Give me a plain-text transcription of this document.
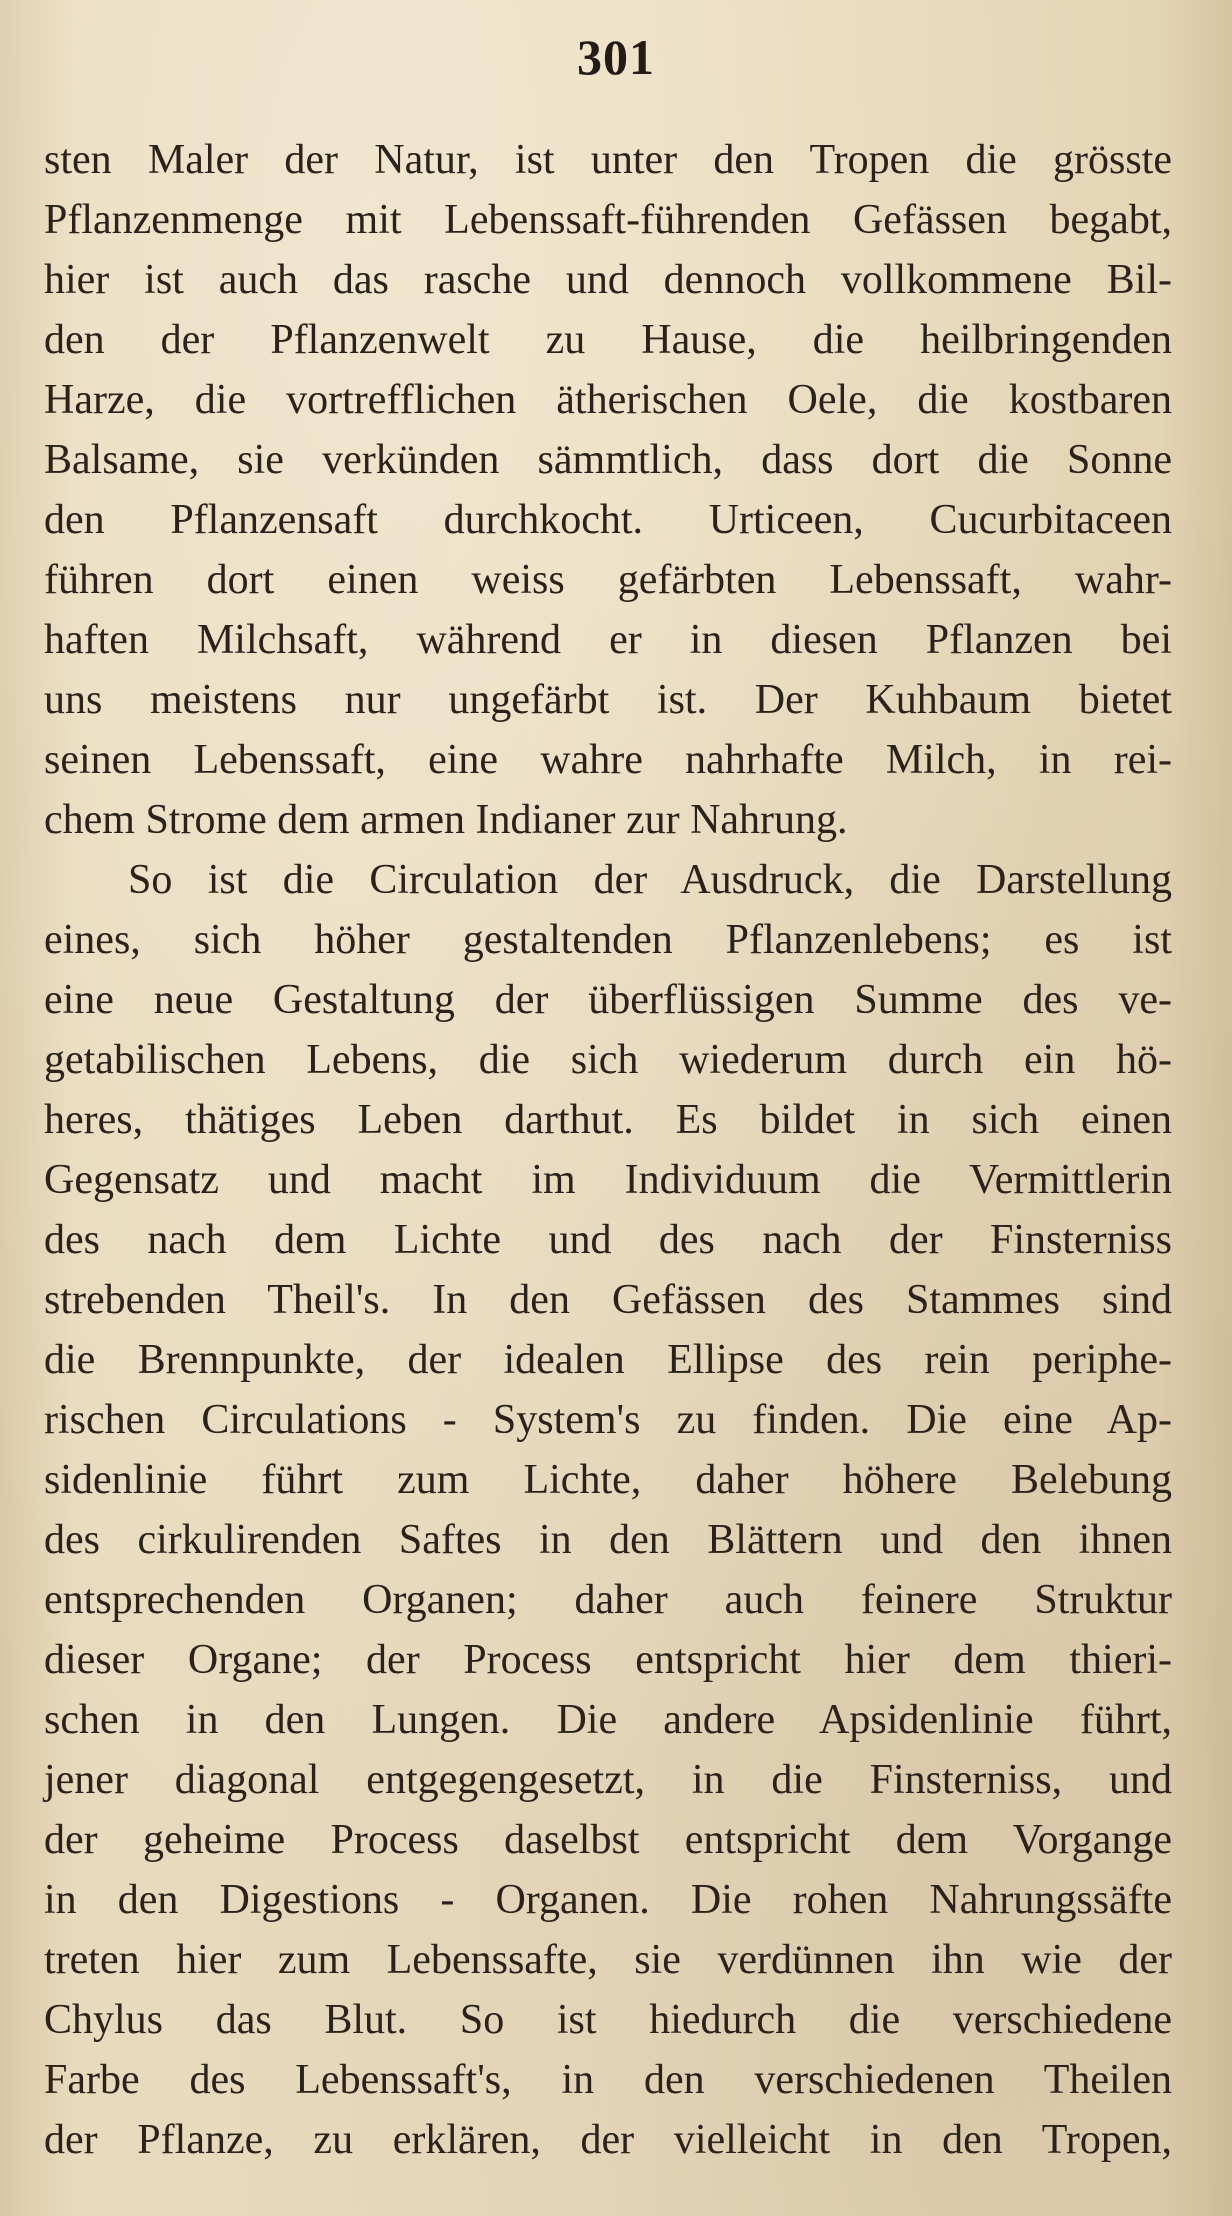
301
sten Maler der Natur, ist unter den Tropen die grösste
Pflanzenmenge mit Lebenssaft-führenden Gefässen begabt,
hier ist auch das rasche und dennoch vollkommene Bil-
den der Pflanzenwelt zu Hause, die heilbringenden
Harze, die vortrefflichen ätherischen Oele, die kostbaren
Balsame, sie verkünden sämmtlich, dass dort die Sonne
den Pflanzensaft durchkocht. Urticeen, Cucurbitaceen
führen dort einen weiss gefärbten Lebenssaft, wahr-
haften Milchsaft, während er in diesen Pflanzen bei
uns meistens nur ungefärbt ist. Der Kuhbaum bietet
seinen Lebenssaft, eine wahre nahrhafte Milch, in rei-
chem Strome dem armen Indianer zur Nahrung.
So ist die Circulation der Ausdruck, die Darstellung
eines, sich höher gestaltenden Pflanzenlebens; es ist
eine neue Gestaltung der überflüssigen Summe des ve-
getabilischen Lebens, die sich wiederum durch ein hö-
heres, thätiges Leben darthut. Es bildet in sich einen
Gegensatz und macht im Individuum die Vermittlerin
des nach dem Lichte und des nach der Finsterniss
strebenden Theil's. In den Gefässen des Stammes sind
die Brennpunkte, der idealen Ellipse des rein periphe-
rischen Circulations - System's zu finden. Die eine Ap-
sidenlinie führt zum Lichte, daher höhere Belebung
des cirkulirenden Saftes in den Blättern und den ihnen
entsprechenden Organen; daher auch feinere Struktur
dieser Organe; der Process entspricht hier dem thieri-
schen in den Lungen. Die andere Apsidenlinie führt,
jener diagonal entgegengesetzt, in die Finsterniss, und
der geheime Process daselbst entspricht dem Vorgange
in den Digestions - Organen. Die rohen Nahrungssäfte
treten hier zum Lebenssafte, sie verdünnen ihn wie der
Chylus das Blut. So ist hiedurch die verschiedene
Farbe des Lebenssaft's, in den verschiedenen Theilen
der Pflanze, zu erklären, der vielleicht in den Tropen,
